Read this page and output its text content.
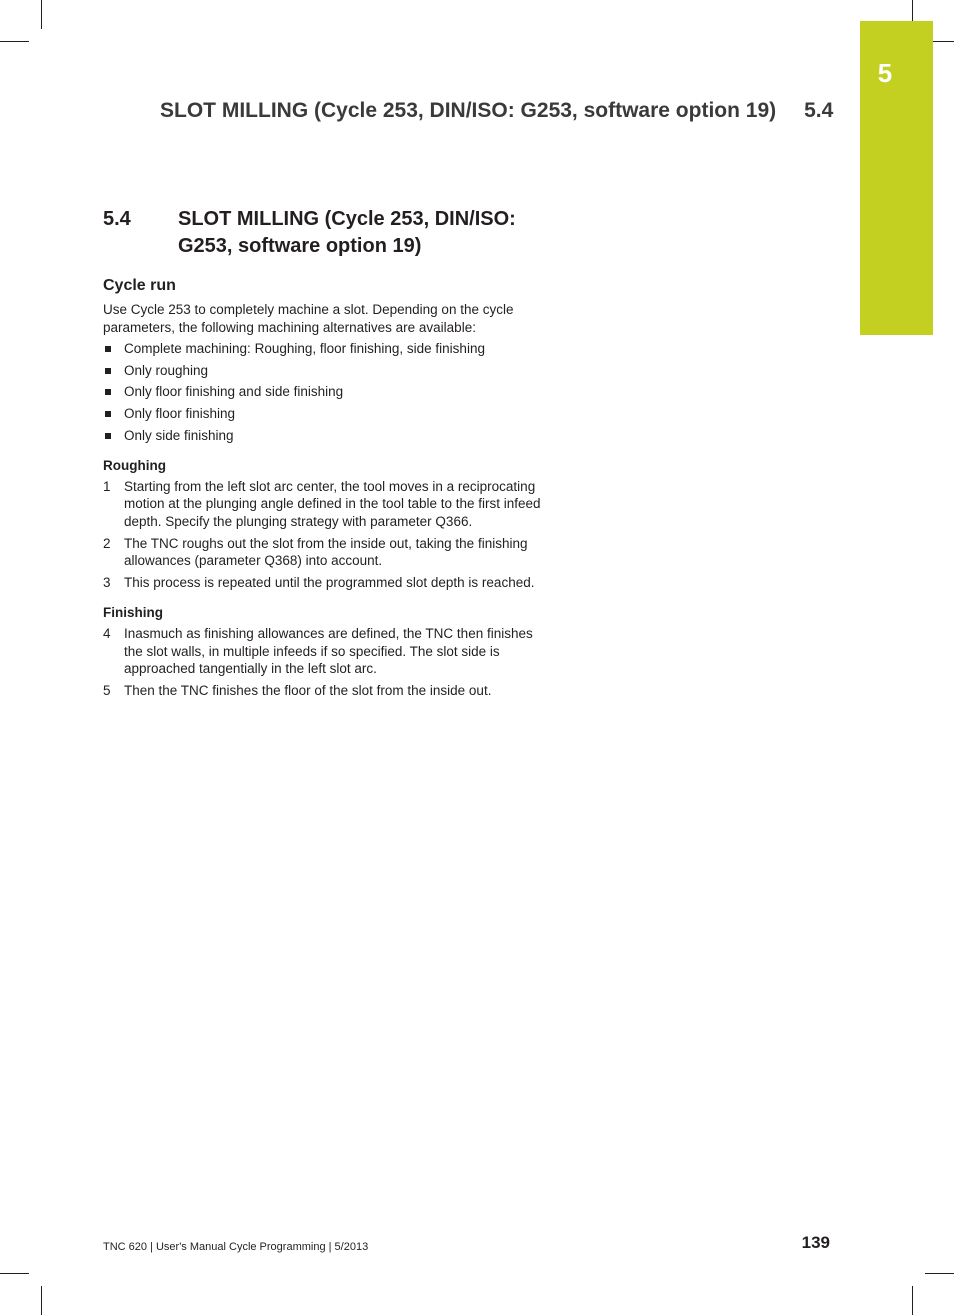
5
SLOT MILLING (Cycle 253, DIN/ISO: G253, software option 19) 5.4
5.4 SLOT MILLING (Cycle 253, DIN/ISO: G253, software option 19)
Cycle run

Use Cycle 253 to completely machine a slot. Depending on the cycle parameters, the following machining alternatives are available:

Complete machining: Roughing, floor finishing, side finishing
Only roughing
Only floor finishing and side finishing
Only floor finishing
Only side finishing
Roughing
1 Starting from the left slot arc center, the tool moves in a reciprocating motion at the plunging angle defined in the tool table to the first infeed depth. Specify the plunging strategy with parameter Q366.
2 The TNC roughs out the slot from the inside out, taking the finishing allowances (parameter Q368) into account.
3 This process is repeated until the programmed slot depth is reached.
Finishing
4 Inasmuch as finishing allowances are defined, the TNC then finishes the slot walls, in multiple infeeds if so specified. The slot side is approached tangentially in the left slot arc.
5 Then the TNC finishes the floor of the slot from the inside out.
TNC 620 | User's Manual Cycle Programming | 5/2013	139
